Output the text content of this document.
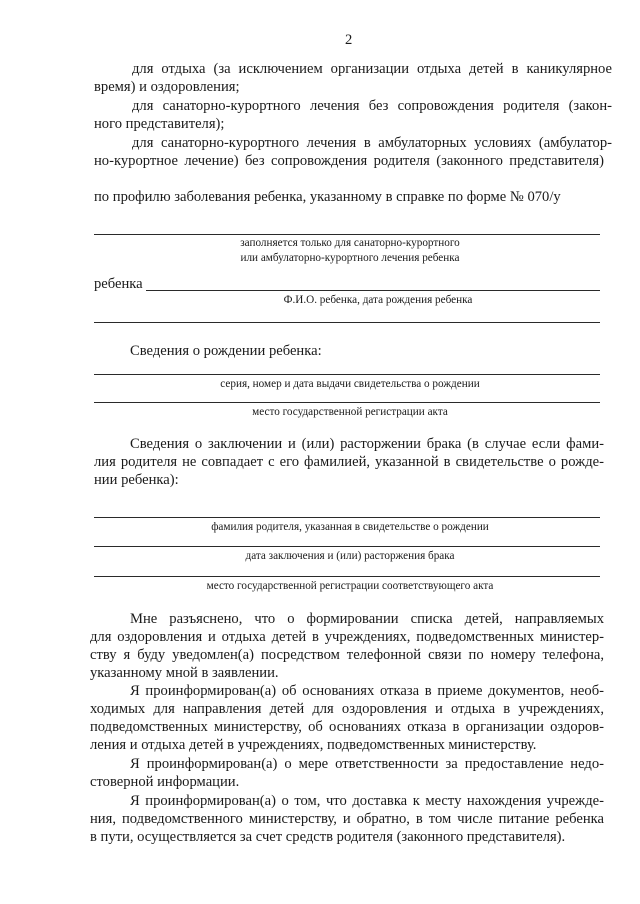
2
для отдыха (за исключением организации отдыха детей в каникулярное
время) и оздоровления;
для санаторно-курортного лечения без сопровождения родителя (закон-
ного представителя);
для санаторно-курортного лечения в амбулаторных условиях (амбулатор-
но-курортное лечение) без сопровождения родителя (законного представителя)
по профилю заболевания ребенка, указанному в справке по форме № 070/у
заполняется только для санаторно-курортного
или амбулаторно-курортного лечения ребенка
ребенка
Ф.И.О. ребенка, дата рождения ребенка
Сведения о рождении ребенка:
серия, номер и дата выдачи свидетельства о рождении
место государственной регистрации акта
Сведения о заключении и (или) расторжении брака (в случае если фами-
лия родителя не совпадает с его фамилией, указанной в свидетельстве о рожде-
нии ребенка):
фамилия родителя, указанная в свидетельстве о рождении
дата заключения и (или) расторжения брака
место государственной регистрации соответствующего акта
Мне разъяснено, что о формировании списка детей, направляемых
для оздоровления и отдыха детей в учреждениях, подведомственных министер-
ству я буду уведомлен(а) посредством телефонной связи по номеру телефона,
указанному мной в заявлении.
Я проинформирован(а) об основаниях отказа в приеме документов, необ-
ходимых для направления детей для оздоровления и отдыха в учреждениях,
подведомственных министерству, об основаниях отказа в организации оздоров-
ления и отдыха детей в учреждениях, подведомственных министерству.
Я проинформирован(а) о мере ответственности за предоставление недо-
стоверной информации.
Я проинформирован(а) о том, что доставка к месту нахождения учрежде-
ния, подведомственного министерству, и обратно, в том числе питание ребенка
в пути, осуществляется за счет средств родителя (законного представителя).
